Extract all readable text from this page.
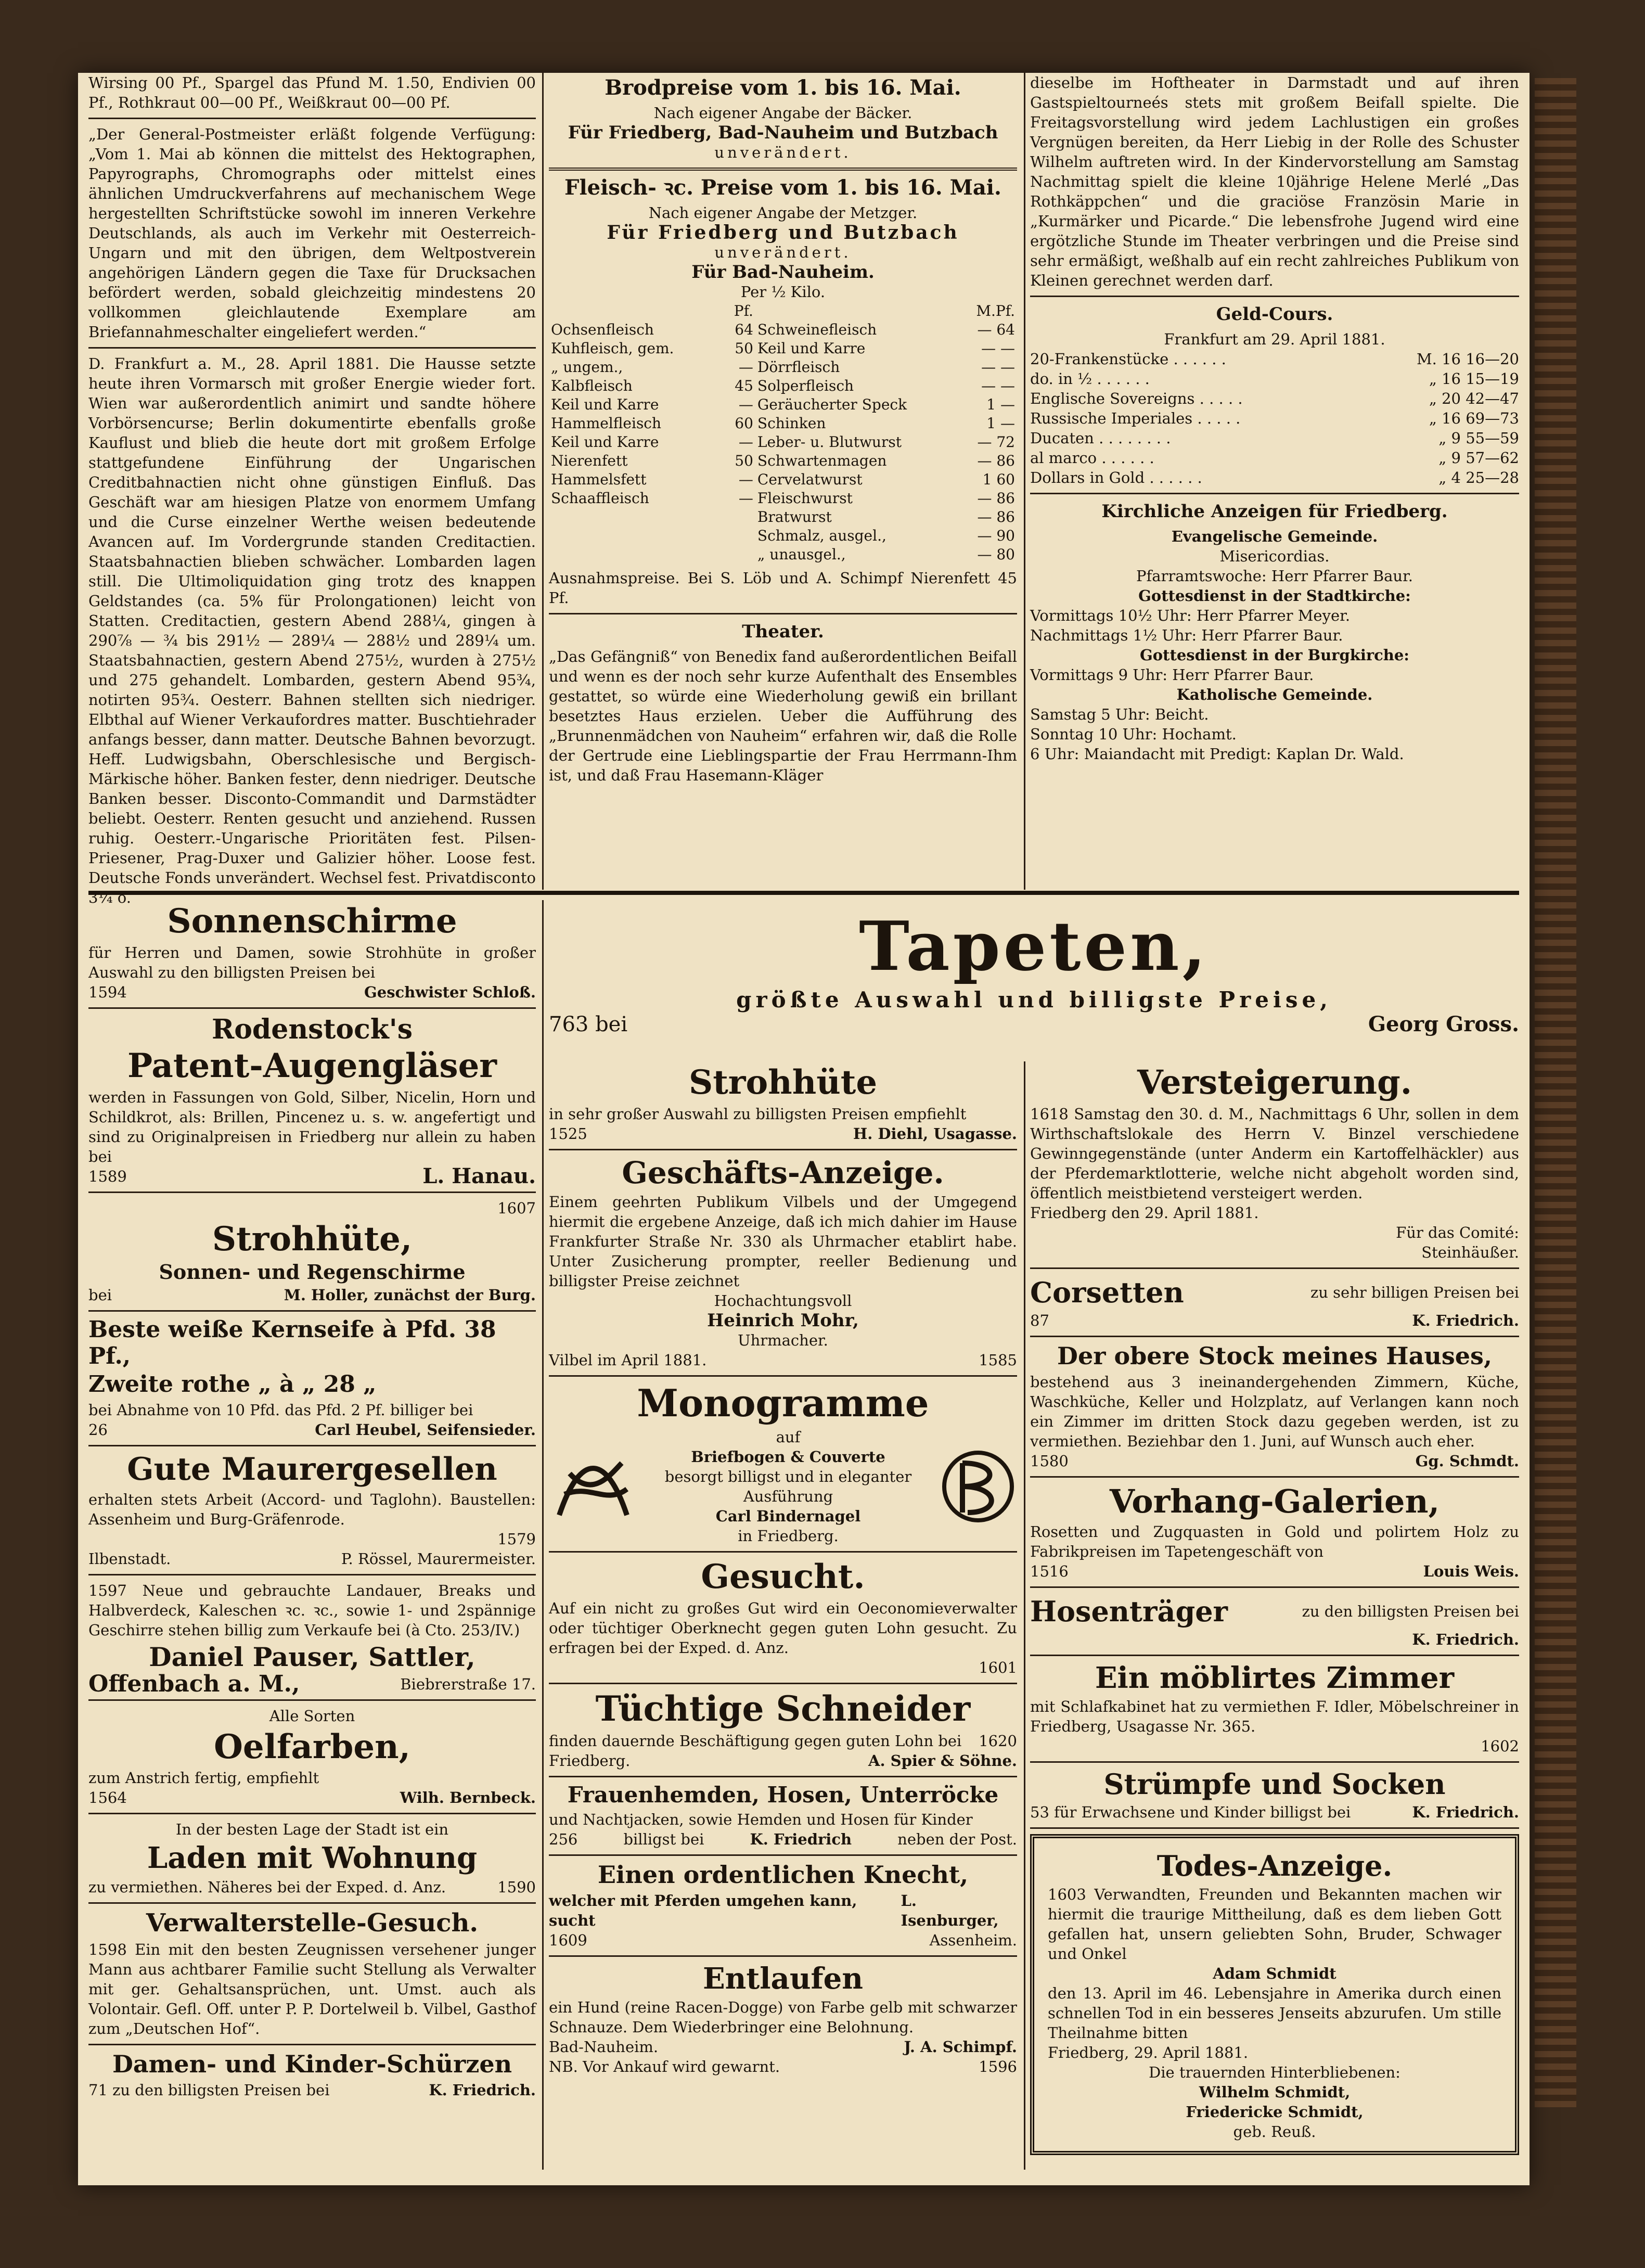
Wirsing 00 Pf., Spargel das Pfund M. 1.50, Endivien 00 Pf., Rothkraut 00—00 Pf., Weißkraut 00—00 Pf.

„Der General-Postmeister erläßt folgende Verfügung: „Vom 1. Mai ab können die mittelst des Hektographen, Papyrographs, Chromographs oder mittelst eines ähnlichen Umdruckverfahrens auf mechanischem Wege hergestellten Schriftstücke sowohl im inneren Verkehre Deutschlands, als auch im Verkehr mit Oesterreich-Ungarn und mit den übrigen, dem Weltpostverein angehörigen Ländern gegen die Taxe für Drucksachen befördert werden, sobald gleichzeitig mindestens 20 vollkommen gleichlautende Exemplare am Briefannahmeschalter eingeliefert werden.“

D. Frankfurt a. M., 28. April 1881. Die Hausse setzte heute ihren Vormarsch mit großer Energie wieder fort. Wien war außerordentlich animirt und sandte höhere Vorbörsencurse; Berlin dokumentirte ebenfalls große Kauflust und blieb die heute dort mit großem Erfolge stattgefundene Einführung der Ungarischen Creditbahnactien nicht ohne günstigen Einfluß. Das Geschäft war am hiesigen Platze von enormem Umfang und die Curse einzelner Werthe weisen bedeutende Avancen auf. Im Vordergrunde standen Creditactien. Staatsbahnactien blieben schwächer. Lombarden lagen still. Die Ultimoliquidation ging trotz des knappen Geldstandes (ca. 5% für Prolongationen) leicht von Statten. Creditactien, gestern Abend 288¼, gingen à 290⅞ — ¾ bis 291½ — 289¼ — 288½ und 289¼ um. Staatsbahnactien, gestern Abend 275½, wurden à 275½ und 275 gehandelt. Lombarden, gestern Abend 95¾, notirten 95¾. Oesterr. Bahnen stellten sich niedriger. Elbthal auf Wiener Verkaufordres matter. Buschtiehrader anfangs besser, dann matter. Deutsche Bahnen bevorzugt. Heff. Ludwigsbahn, Oberschlesische und Bergisch-Märkische höher. Banken fester, denn niedriger. Deutsche Banken besser. Disconto-Commandit und Darmstädter beliebt. Oesterr. Renten gesucht und anziehend. Russen ruhig. Oesterr.-Ungarische Prioritäten fest. Pilsen-Priesener, Prag-Duxer und Galizier höher. Loose fest. Deutsche Fonds unverändert. Wechsel fest. Privatdisconto 3¼ o.

Brodpreise vom 1. bis 16. Mai.
Nach eigener Angabe der Bäcker.
Für Friedberg, Bad-Nauheim und Butzbach
unverändert.
Fleisch- ꝛc. Preise vom 1. bis 16. Mai.
Nach eigener Angabe der Metzger.
Für Friedberg und Butzbach
unverändert.
Für Bad-Nauheim.
Per ½ Kilo.
	Pf.		M.Pf.
Ochsenfleisch	64	Schweinefleisch	— 64
Kuhfleisch, gem.	50	Keil und Karre	— —
„ ungem.,	—	Dörrfleisch	— —
Kalbfleisch	45	Solperfleisch	— —
Keil und Karre	—	Geräucherter Speck	1 —
Hammelfleisch	60	Schinken	1 —
Keil und Karre	—	Leber- u. Blutwurst	— 72
Nierenfett	50	Schwartenmagen	— 86
Hammelsfett	—	Cervelatwurst	1 60
Schaaffleisch	—	Fleischwurst	— 86
		Bratwurst	— 86
		Schmalz, ausgel.,	— 90
		„ unausgel.,	— 80

Ausnahmspreise. Bei S. Löb und A. Schimpf Nierenfett 45 Pf.

Theater.

„Das Gefängniß“ von Benedix fand außerordentlichen Beifall und wenn es der noch sehr kurze Aufenthalt des Ensembles gestattet, so würde eine Wiederholung gewiß ein brillant besetztes Haus erzielen. Ueber die Aufführung des „Brunnenmädchen von Nauheim“ erfahren wir, daß die Rolle der Gertrude eine Lieblingspartie der Frau Herrmann-Ihm ist, und daß Frau Hasemann-Kläger

dieselbe im Hoftheater in Darmstadt und auf ihren Gastspieltourneés stets mit großem Beifall spielte. Die Freitagsvorstellung wird jedem Lachlustigen ein großes Vergnügen bereiten, da Herr Liebig in der Rolle des Schuster Wilhelm auftreten wird. In der Kindervorstellung am Samstag Nachmittag spielt die kleine 10jährige Helene Merlé „Das Rothkäppchen“ und die graciöse Französin Marie in „Kurmärker und Picarde.“ Die lebensfrohe Jugend wird eine ergötzliche Stunde im Theater verbringen und die Preise sind sehr ermäßigt, weßhalb auf ein recht zahlreiches Publikum von Kleinen gerechnet werden darf.

Geld-Cours.
Frankfurt am 29. April 1881.
20-Frankenstücke . . . . . .	M. 16 16—20
do. in ½ . . . . . .	„ 16 15—19
Englische Sovereigns . . . . .	„ 20 42—47
Russische Imperiales . . . . .	„ 16 69—73
Ducaten . . . . . . . .	„ 9 55—59
al marco . . . . . .	„ 9 57—62
Dollars in Gold . . . . . .	„ 4 25—28
Kirchliche Anzeigen für Friedberg.
Evangelische Gemeinde.
Misericordias.
Pfarramtswoche: Herr Pfarrer Baur.
Gottesdienst in der Stadtkirche:
Vormittags 10½ Uhr: Herr Pfarrer Meyer.
Nachmittags 1½ Uhr: Herr Pfarrer Baur.
Gottesdienst in der Burgkirche:
Vormittags 9 Uhr: Herr Pfarrer Baur.
Katholische Gemeinde.
Samstag 5 Uhr: Beicht.
Sonntag 10 Uhr: Hochamt.
6 Uhr: Maiandacht mit Predigt: Kaplan Dr. Wald.
Tapeten,
größte Auswahl und billigste Preise,
763 bei	Georg Gross.
Sonnenschirme

für Herren und Damen, sowie Strohhüte in großer Auswahl zu den billigsten Preisen bei

1594	Geschwister Schloß.
Rodenstock's
Patent-Augengläser

werden in Fassungen von Gold, Silber, Nicelin, Horn und Schildkrot, als: Brillen, Pincenez u. s. w. angefertigt und sind zu Originalpreisen in Friedberg nur allein zu haben bei

1589	L. Hanau.
1607
Strohhüte,
Sonnen- und Regenschirme
bei	M. Holler, zunächst der Burg.
Beste weiße Kernseife à Pfd. 38 Pf.,
Zweite rothe „ à „ 28 „

bei Abnahme von 10 Pfd. das Pfd. 2 Pf. billiger bei

26	Carl Heubel, Seifensieder.
Gute Maurergesellen

erhalten stets Arbeit (Accord- und Taglohn). Baustellen: Assenheim und Burg-Gräfenrode.

1579
Ilbenstadt.	P. Rössel, Maurermeister.

1597 Neue und gebrauchte Landauer, Breaks und Halbverdeck, Kaleschen ꝛc. ꝛc., sowie 1- und 2spännige Geschirre stehen billig zum Verkaufe bei (à Cto. 253/IV.)

Daniel Pauser, Sattler,
Offenbach a. M.,	Biebrerstraße 17.
Alle Sorten
Oelfarben,

zum Anstrich fertig, empfiehlt

1564	Wilh. Bernbeck.
In der besten Lage der Stadt ist ein
Laden mit Wohnung
zu vermiethen. Näheres bei der Exped. d. Anz.	1590
Verwalterstelle-Gesuch.

1598 Ein mit den besten Zeugnissen versehener junger Mann aus achtbarer Familie sucht Stellung als Verwalter mit ger. Gehaltsansprüchen, unt. Umst. auch als Volontair. Gefl. Off. unter P. P. Dortelweil b. Vilbel, Gasthof zum „Deutschen Hof“.

Damen- und Kinder-Schürzen
71 zu den billigsten Preisen bei	K. Friedrich.
Strohhüte

in sehr großer Auswahl zu billigsten Preisen empfiehlt

1525	H. Diehl, Usagasse.
Geschäfts-Anzeige.

Einem geehrten Publikum Vilbels und der Umgegend hiermit die ergebene Anzeige, daß ich mich dahier im Hause Frankfurter Straße Nr. 330 als Uhrmacher etablirt habe. Unter Zusicherung prompter, reeller Bedienung und billigster Preise zeichnet

Hochachtungsvoll
Heinrich Mohr,
Uhrmacher.
Vilbel im April 1881.	1585
Monogramme
auf
Briefbogen & Couverte
besorgt billigst und in eleganter Ausführung
Carl Bindernagel
in Friedberg.
Gesucht.

Auf ein nicht zu großes Gut wird ein Oeconomieverwalter oder tüchtiger Oberknecht gegen guten Lohn gesucht. Zu erfragen bei der Exped. d. Anz.

1601
Tüchtige Schneider
finden dauernde Beschäftigung gegen guten Lohn bei 1620
Friedberg.	A. Spier & Söhne.
Frauenhemden, Hosen, Unterröcke

und Nachtjacken, sowie Hemden und Hosen für Kinder

256	billigst bei	K. Friedrich	neben der Post.
Einen ordentlichen Knecht,
welcher mit Pferden umgehen kann, sucht
L. Isenburger,
1609	Assenheim.
Entlaufen

ein Hund (reine Racen-Dogge) von Farbe gelb mit schwarzer Schnauze. Dem Wiederbringer eine Belohnung.

Bad-Nauheim.	J. A. Schimpf.
NB. Vor Ankauf wird gewarnt.	1596
Versteigerung.

1618 Samstag den 30. d. M., Nachmittags 6 Uhr, sollen in dem Wirthschaftslokale des Herrn V. Binzel verschiedene Gewinngegenstände (unter Anderm ein Kartoffelhäckler) aus der Pferdemarktlotterie, welche nicht abgeholt worden sind, öffentlich meistbietend versteigert werden.

Friedberg den 29. April 1881.
Für das Comité:
Steinhäußer.
Corsetten	zu sehr billigen Preisen bei
87	K. Friedrich.
Der obere Stock meines Hauses,

bestehend aus 3 ineinandergehenden Zimmern, Küche, Waschküche, Keller und Holzplatz, auf Verlangen kann noch ein Zimmer im dritten Stock dazu gegeben werden, ist zu vermiethen. Beziehbar den 1. Juni, auf Wunsch auch eher.

1580	Gg. Schmdt.
Vorhang-Galerien,

Rosetten und Zugquasten in Gold und polirtem Holz zu Fabrikpreisen im Tapetengeschäft von

1516	Louis Weis.
Hosenträger	zu den billigsten Preisen bei
K. Friedrich.
Ein möblirtes Zimmer

mit Schlafkabinet hat zu vermiethen F. Idler, Möbelschreiner in Friedberg, Usagasse Nr. 365.

1602
Strümpfe und Socken
53 für Erwachsene und Kinder billigst bei	K. Friedrich.
Todes-Anzeige.

1603 Verwandten, Freunden und Bekannten machen wir hiermit die traurige Mittheilung, daß es dem lieben Gott gefallen hat, unsern geliebten Sohn, Bruder, Schwager und Onkel

Adam Schmidt

den 13. April im 46. Lebensjahre in Amerika durch einen schnellen Tod in ein besseres Jenseits abzurufen. Um stille Theilnahme bitten

Friedberg, 29. April 1881.
Die trauernden Hinterbliebenen:
Wilhelm Schmidt,
Friedericke Schmidt,
geb. Reuß.
